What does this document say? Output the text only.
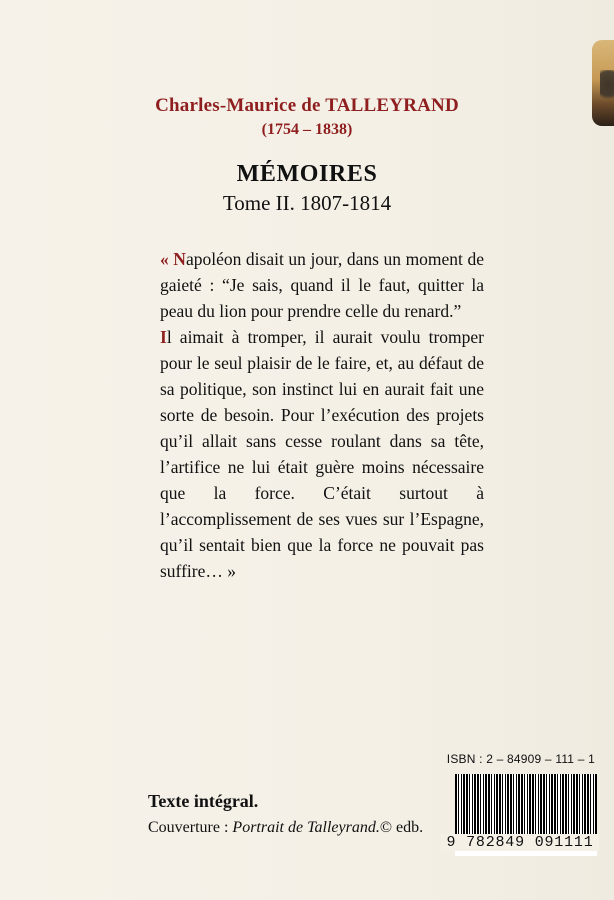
Charles-Maurice de TALLEYRAND
(1754 – 1838)
MÉMOIRES
Tome II. 1807-1814

« Napoléon disait un jour, dans un moment de gaieté : “Je sais, quand il le faut, quitter la peau du lion pour prendre celle du renard.”

Il aimait à tromper, il aurait voulu tromper pour le seul plaisir de le faire, et, au défaut de sa politique, son instinct lui en aurait fait une sorte de besoin. Pour l’exécution des projets qu’il allait sans cesse roulant dans sa tête, l’artifice ne lui était guère moins nécessaire que la force. C’était surtout à l’accomplissement de ses vues sur l’Espagne, qu’il sentait bien que la force ne pouvait pas suffire… »

ISBN : 2 – 84909 – 111 – 1
9 782849 091111
Texte intégral.
Couverture : Portrait de Talleyrand.© edb.
